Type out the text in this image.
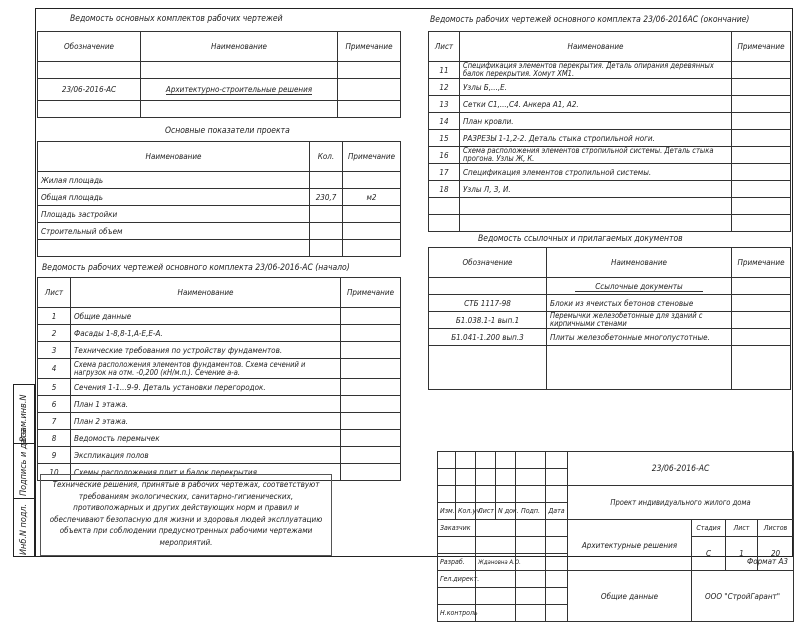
Взам.инв.N
Подпись и дата
Инб.N подл.
Ведомость основных комплектов рабочих чертежей
Обозначение	Наименование	Примечание

23/06-2016-АС	Архитектурно-строительные решения	

Основные показатели проекта
Наименование	Кол.	Примечание
Жилая площадь		
Общая площадь	230,7	м2
Площадь застройки		
Строительный объем		

Ведомость рабочих чертежей основного комплекта 23/06-2016-АС (начало)
Лист	Наименование	Примечание
1	Общие данные	
2	Фасады 1-8,8-1,А-Е,Е-А.	
3	Технические требования по устройству фундаментов.	
4	Схема расположения элементов фундаментов. Схема сечений и нагрузок на отм. -0,200 (кН/м.п.). Сечение а-а.	
5	Сечения 1-1...9-9. Деталь установки перегородок.	
6	План 1 этажа.	
7	План 2 этажа.	
8	Ведомость перемычек	
9	Экспликация полов	
10	Схемы расположения плит и балок перекрытия.	
Технические решения, принятые в рабочих чертежах, соответствуют требованиям экологических, санитарно-гигиенических, противопожарных и других действующих норм и правил и обеспечивают безопасную для жизни и здоровья людей эксплуатацию объекта при соблюдении предусмотренных рабочими чертежами мероприятий.
Ведомость рабочих чертежей основного комплекта 23/06-2016АС (окончание)
Лист	Наименование	Примечание
11	Спецификация элементов перекрытия. Деталь опирания деревянных балок перекрытия. Хомут ХМ1.	
12	Узлы Б,...,Е.	
13	Сетки С1,...,С4. Анкера А1, А2.	
14	План кровли.	
15	РАЗРЕЗЫ 1-1,2-2. Деталь стыка стропильной ноги.	
16	Схема расположения элементов стропильной системы. Деталь стыка прогона. Узлы Ж, К.	
17	Спецификация элементов стропильной системы.	
18	Узлы Л, З, И.	

Ведомость ссылочных и прилагаемых документов
Обозначение	Наименование	Примечание
	Ссылочные документы	
СТБ 1117-98	Блоки из ячеистых бетонов стеновые	
Б1.038.1-1 вып.1	Перемычки железобетонные для зданий с кирпичными стенами	
Б1.041-1.200 вып.3	Плиты железобетонные многопустотные.	

						23/06-2016-АС			

						Проект индивидуального жилого дома			
Изм.	Кол.уч.	Лист	N док.	Подп.	Дата				
Заказчик						Архитектурные решения	Стадия	Лист	Листов
							С	1	20
Разраб.		Ждановна А.О.							
Гел.директ.						Общие данные	ООО "СтройГарант"		

Н.контроль									
Формат А3
